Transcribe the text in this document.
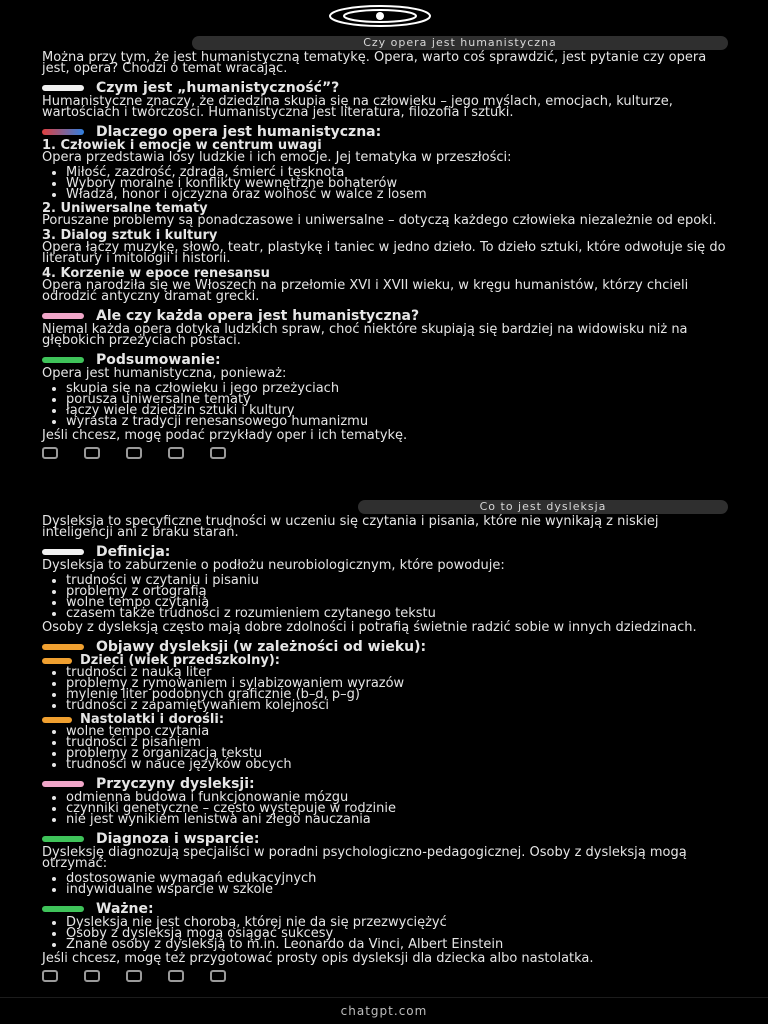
Czy opera jest humanistyczna

Można przy tym, że jest humanistyczną tematykę. Opera, warto coś sprawdzić, jest pytanie czy opera jest, opera? Chodzi o temat wracając.

Czym jest „humanistyczność”?

Humanistyczne znaczy, że dziedzina skupia się na człowieku – jego myślach, emocjach, kulturze, wartościach i twórczości. Humanistyczna jest literatura, filozofia i sztuki.

Dlaczego opera jest humanistyczna:
1. Człowiek i emocje w centrum uwagi

Opera przedstawia losy ludzkie i ich emocje. Jej tematyka w przeszłości:

• Miłość, zazdrość, zdrada, śmierć i tęsknota
• Wybory moralne i konflikty wewnętrzne bohaterów
• Władza, honor i ojczyzna oraz wolność w walce z losem
2. Uniwersalne tematy

Poruszane problemy są ponadczasowe i uniwersalne – dotyczą każdego człowieka niezależnie od epoki.

3. Dialog sztuk i kultury

Opera łączy muzykę, słowo, teatr, plastykę i taniec w jedno dzieło. To dzieło sztuki, które odwołuje się do literatury i mitologii i historii.

4. Korzenie w epoce renesansu

Opera narodziła się we Włoszech na przełomie XVI i XVII wieku, w kręgu humanistów, którzy chcieli odrodzić antyczny dramat grecki.

Ale czy każda opera jest humanistyczna?

Niemal każda opera dotyka ludzkich spraw, choć niektóre skupiają się bardziej na widowisku niż na głębokich przeżyciach postaci.

Podsumowanie:

Opera jest humanistyczna, ponieważ:

• skupia się na człowieku i jego przeżyciach
• porusza uniwersalne tematy
• łączy wiele dziedzin sztuki i kultury
• wyrasta z tradycji renesansowego humanizmu

Jeśli chcesz, mogę podać przykłady oper i ich tematykę.

Co to jest dysleksja

Dysleksja to specyficzne trudności w uczeniu się czytania i pisania, które nie wynikają z niskiej inteligencji ani z braku starań.

Definicja:

Dysleksja to zaburzenie o podłożu neurobiologicznym, które powoduje:

• trudności w czytaniu i pisaniu
• problemy z ortografią
• wolne tempo czytania
• czasem także trudności z rozumieniem czytanego tekstu

Osoby z dysleksją często mają dobre zdolności i potrafią świetnie radzić sobie w innych dziedzinach.

Objawy dysleksji (w zależności od wieku):
Dzieci (wiek przedszkolny):
• trudności z nauką liter
• problemy z rymowaniem i sylabizowaniem wyrazów
• mylenie liter podobnych graficznie (b–d, p–g)
• trudności z zapamiętywaniem kolejności
Nastolatki i dorośli:
• wolne tempo czytania
• trudności z pisaniem
• problemy z organizacją tekstu
• trudności w nauce języków obcych
Przyczyny dysleksji:
• odmienna budowa i funkcjonowanie mózgu
• czynniki genetyczne – często występuje w rodzinie
• nie jest wynikiem lenistwa ani złego nauczania
Diagnoza i wsparcie:

Dysleksję diagnozują specjaliści w poradni psychologiczno-pedagogicznej. Osoby z dysleksją mogą otrzymać:

• dostosowanie wymagań edukacyjnych
• indywidualne wsparcie w szkole
Ważne:
• Dysleksja nie jest chorobą, której nie da się przezwyciężyć
• Osoby z dysleksją mogą osiągać sukcesy
• Znane osoby z dysleksją to m.in. Leonardo da Vinci, Albert Einstein

Jeśli chcesz, mogę też przygotować prosty opis dysleksji dla dziecka albo nastolatka.

chatgpt.com
